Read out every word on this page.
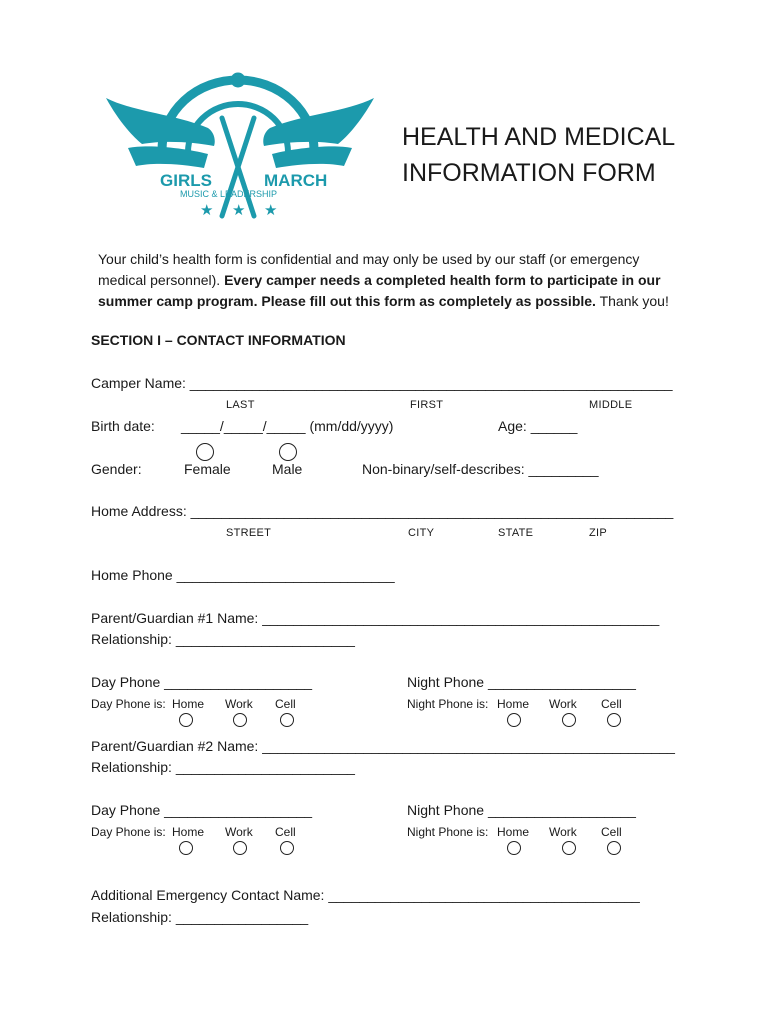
GIRLS	MARCH
MUSIC & LEADERSHIP
★ ★ ★
HEALTH AND MEDICAL
INFORMATION FORM
Your child’s health form is confidential and may only be used by our staff (or emergency medical personnel). Every camper needs a completed health form to participate in our summer camp program. Please fill out this form as completely as possible. Thank you!
SECTION I – CONTACT INFORMATION
Camper Name: ______________________________________________________________
LAST	FIRST	MIDDLE
Birth date: _____/_____/_____ (mm/dd/yyyy)	Age: ______
Gender:	Female	Male	Non-binary/self-describes: _________
Home Address: ______________________________________________________________
STREET	CITY	STATE	ZIP
Home Phone ____________________________
Parent/Guardian #1 Name: ___________________________________________________
Relationship: _______________________
Day Phone ___________________	Night Phone ___________________
Day Phone is: Home Work Cell	Night Phone is: Home Work Cell
Parent/Guardian #2 Name: _____________________________________________________
Relationship: _______________________
Day Phone ___________________	Night Phone ___________________
Day Phone is: Home Work Cell	Night Phone is: Home Work Cell
Additional Emergency Contact Name: ________________________________________
Relationship: _________________
